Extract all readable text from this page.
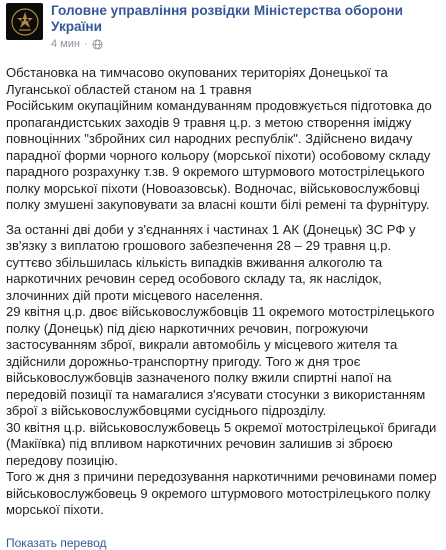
Головне управління розвідки Міністерства оборони України
4 мин ·

Обстановка на тимчасово окупованих територіях Донецької та Луганської областей станом на 1 травня

Російським окупаційним командуванням продовжується підготовка до пропагандистських заходів 9 травня ц.р. з метою створення іміджу повноцінних "збройних сил народних республік". Здійснено видачу парадної форми чорного кольору (морської піхоти) особовому складу парадного розрахунку т.зв. 9 окремого штурмового мотострілецького полку морської піхоти (Новоазовськ). Водночас, військовослужбовці полку змушені закуповувати за власні кошти білі ремені та фурнітуру.

За останні дві доби у з'єднаннях і частинах 1 АК (Донецьк) ЗС РФ у зв'язку з виплатою грошового забезпечення 28 – 29 травня ц.р. суттєво збільшилась кількість випадків вживання алкоголю та наркотичних речовин серед особового складу та, як наслідок, злочинних дій проти місцевого населення.

29 квітня ц.р. двоє військовослужбовців 11 окремого мотострілецького полку (Донецьк) під дією наркотичних речовин, погрожуючи застосуванням зброї, викрали автомобіль у місцевого жителя та здійснили дорожньо-транспортну пригоду. Того ж дня троє військовослужбовців зазначеного полку вжили спиртні напої на передовій позиції та намагалися з'ясувати стосунки з використанням зброї з військовослужбовцями сусіднього підрозділу.

30 квітня ц.р. військовослужбовець 5 окремої мотострілецької бригади (Макіївка) під впливом наркотичних речовин залишив зі зброєю передову позицію.

Того ж дня з причини передозування наркотичними речовинами помер військовослужбовець 9 окремого штурмового мотострілецького полку морської піхоти.

Показать перевод
